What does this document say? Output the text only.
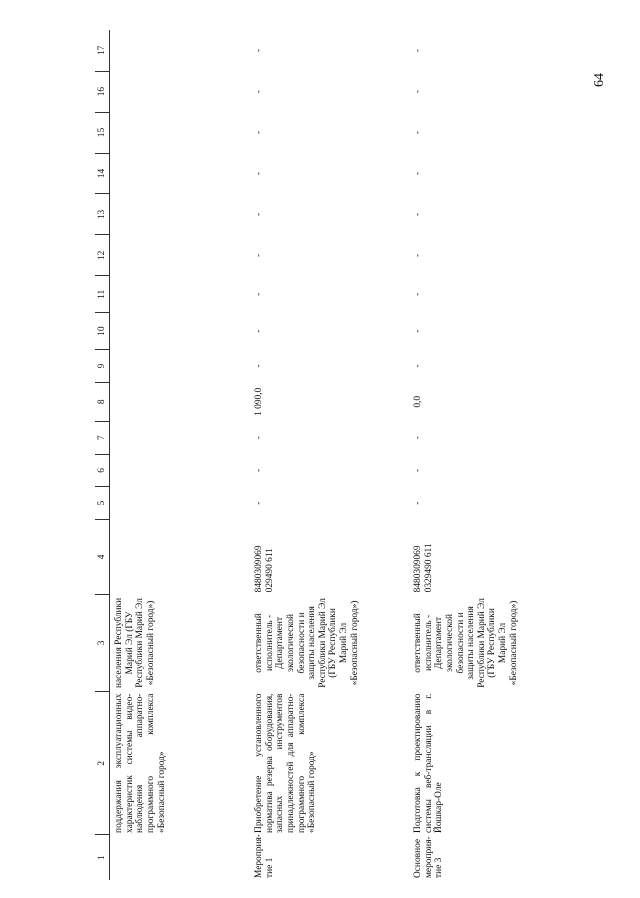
64
1	2	3	4	5	6	7	8	9	10	11	12	13	14	15	16	17
	поддержания эксплуатационных характеристик системы видео-наблюдения аппаратно-программного комплекса «Безопасный город»	населения Республики Марий Эл (ГБУ Республики Марий Эл «Безопасный город»)														
Мероприя-тие 1	Приобретение установленного норматива резерва оборудования, запасных инструментов принадлежностей для аппаратно-программного комплекса «Безопасный город»	ответственный исполнитель - Департамент экологической безопасности и защиты населения Республики Марий Эл (ГБУ Республики Марий Эл «Безопасный город»)	8480309069 029490 611	-	-	-	1 090,0	-	-	-	-	-	-	-	-	-
Основное мероприя-тие 3	Подготовка к проектированию системы веб-трансляции в г. Йошкар-Оле	ответственный исполнитель - Департамент экологической безопасности и защиты населения Республики Марий Эл (ГБУ Республики Марий Эл «Безопасный город»)	8480309069 0329490 611	-	-	-	0,0	-	-	-	-	-	-	-	-	-
